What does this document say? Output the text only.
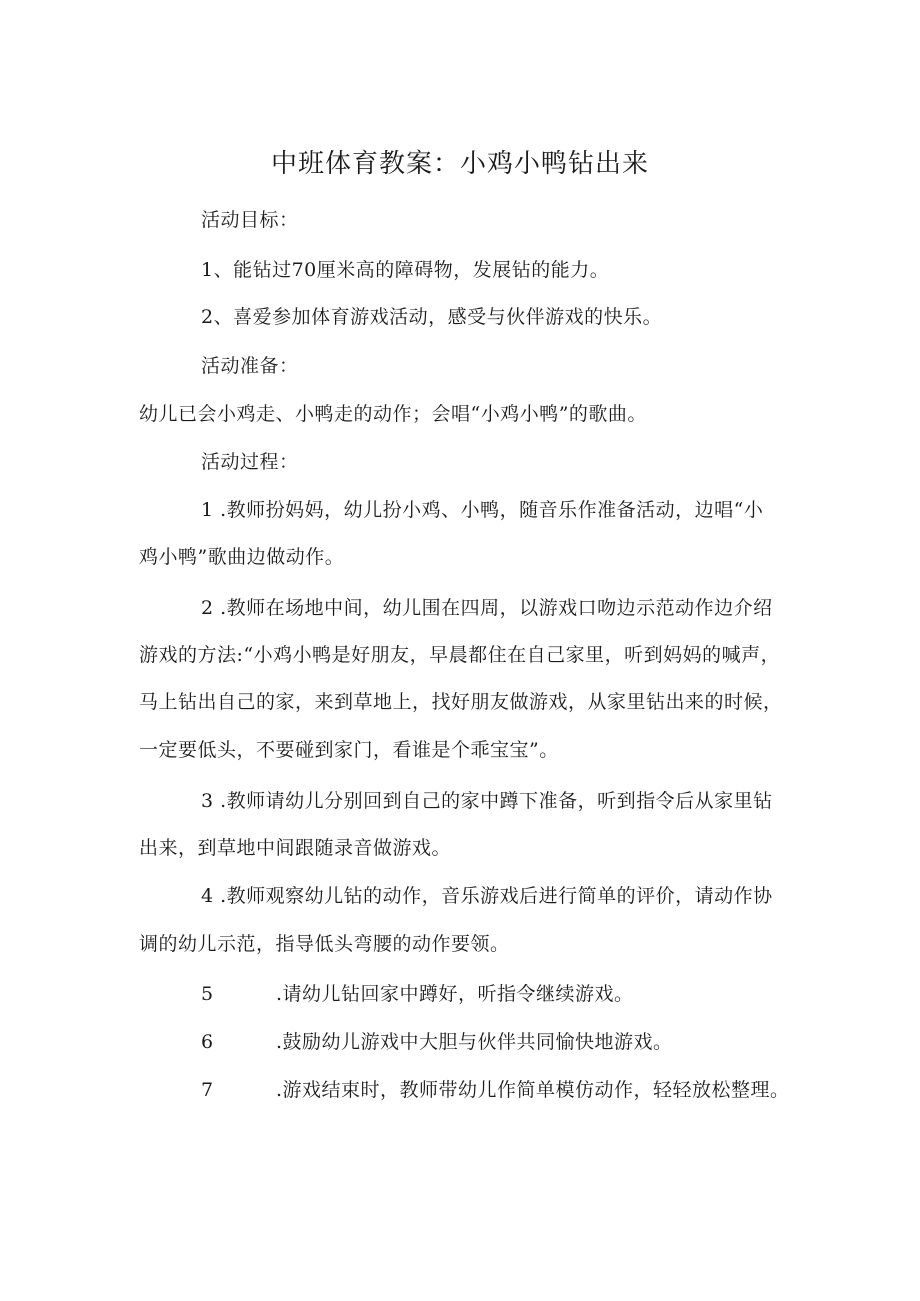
中班体育教案：小鸡小鸭钻出来

活动目标：

1、能钻过70厘米高的障碍物，发展钻的能力。

2、喜爱参加体育游戏活动，感受与伙伴游戏的快乐。

活动准备：

幼儿已会小鸡走、小鸭走的动作；会唱“小鸡小鸭”的歌曲。

活动过程：

1 .教师扮妈妈，幼儿扮小鸡、小鸭，随音乐作准备活动，边唱“小

鸡小鸭”歌曲边做动作。

2 .教师在场地中间，幼儿围在四周，以游戏口吻边示范动作边介绍

游戏的方法:“小鸡小鸭是好朋友，早晨都住在自己家里，听到妈妈的喊声，

马上钻出自己的家，来到草地上，找好朋友做游戏，从家里钻出来的时候，

一定要低头，不要碰到家门，看谁是个乖宝宝”。

3 .教师请幼儿分别回到自己的家中蹲下准备，听到指令后从家里钻

出来，到草地中间跟随录音做游戏。

4 .教师观察幼儿钻的动作，音乐游戏后进行简单的评价，请动作协

调的幼儿示范，指导低头弯腰的动作要领。

5	.请幼儿钻回家中蹲好，听指令继续游戏。

6	.鼓励幼儿游戏中大胆与伙伴共同愉快地游戏。

7	.游戏结束时，教师带幼儿作简单模仿动作，轻轻放松整理。
